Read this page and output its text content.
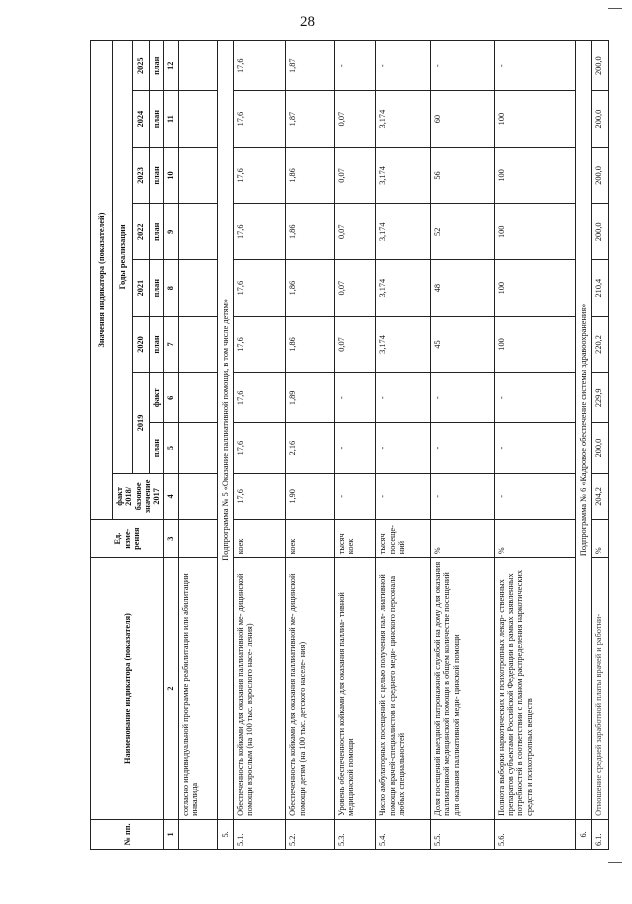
28
№ пп.	Наименование индикатора (показателя)	Ед. изме- рения	Значения индикатора (показателей)								
			факт 2018/ базовое значение 2017	Годы реализации							
				2019		2020	2021	2022	2023	2024	2025
				план	факт	план	план	план	план	план	план
1	2	3	4	5	6	7	8	9	10	11	12
	согласно индивидуальной программе реабилитации или абилитации инвалида										
5.	Подпрограмма № 5 «Оказание паллиативной помощи, в том числе детям»										
5.1.	Обеспеченность койками для оказания паллиативной ме- дицинской помощи взрослым (на 100 тыс. взрослого насе- ления)	коек	17,6	17,6	17,6	17,6	17,6	17,6	17,6	17,6	17,6
5.2.	Обеспеченность койками для оказания паллиативной ме- дицинской помощи детям (на 100 тыс. детского населе- ния)	коек	1,90	2,16	1,89	1,86	1,86	1,86	1,86	1,87	1,87
5.3.	Уровень обеспеченности койками для оказания паллиа- тивной медицинской помощи	тысяч коек	-	-	-	0,07	0,07	0,07	0,07	0,07	-
5.4.	Число амбулаторных посещений с целью получения пал- лиативной помощи врачей-специалистов и среднего меди- цинского персонала любых специальностей	тысяч посеще- ний	-	-	-	3,174	3,174	3,174	3,174	3,174	-
5.5.	Доля посещений выездной патронажной службой на дому для оказания паллиативной медицинской помощи в общем количестве посещений для оказания паллиативной меди- цинской помощи	%	-	-	-	45	48	52	56	60	-
5.6.	Полнота выборки наркотических и психотропных лекар- ственных препаратов субъектами Российской Федерации в рамках заявленных потребностей в соответствии с планом распределения наркотических средств и психотропных веществ	%	-	-	-	100	100	100	100	100	-
6.	Подпрограмма № 6 «Кадровое обеспечение системы здравоохранения»										
6.1.	Отношение средней заработной платы врачей и работни-	%	204,2	200,0	229,9	220,2	210,4	200,0	200,0	200,0	200,0
